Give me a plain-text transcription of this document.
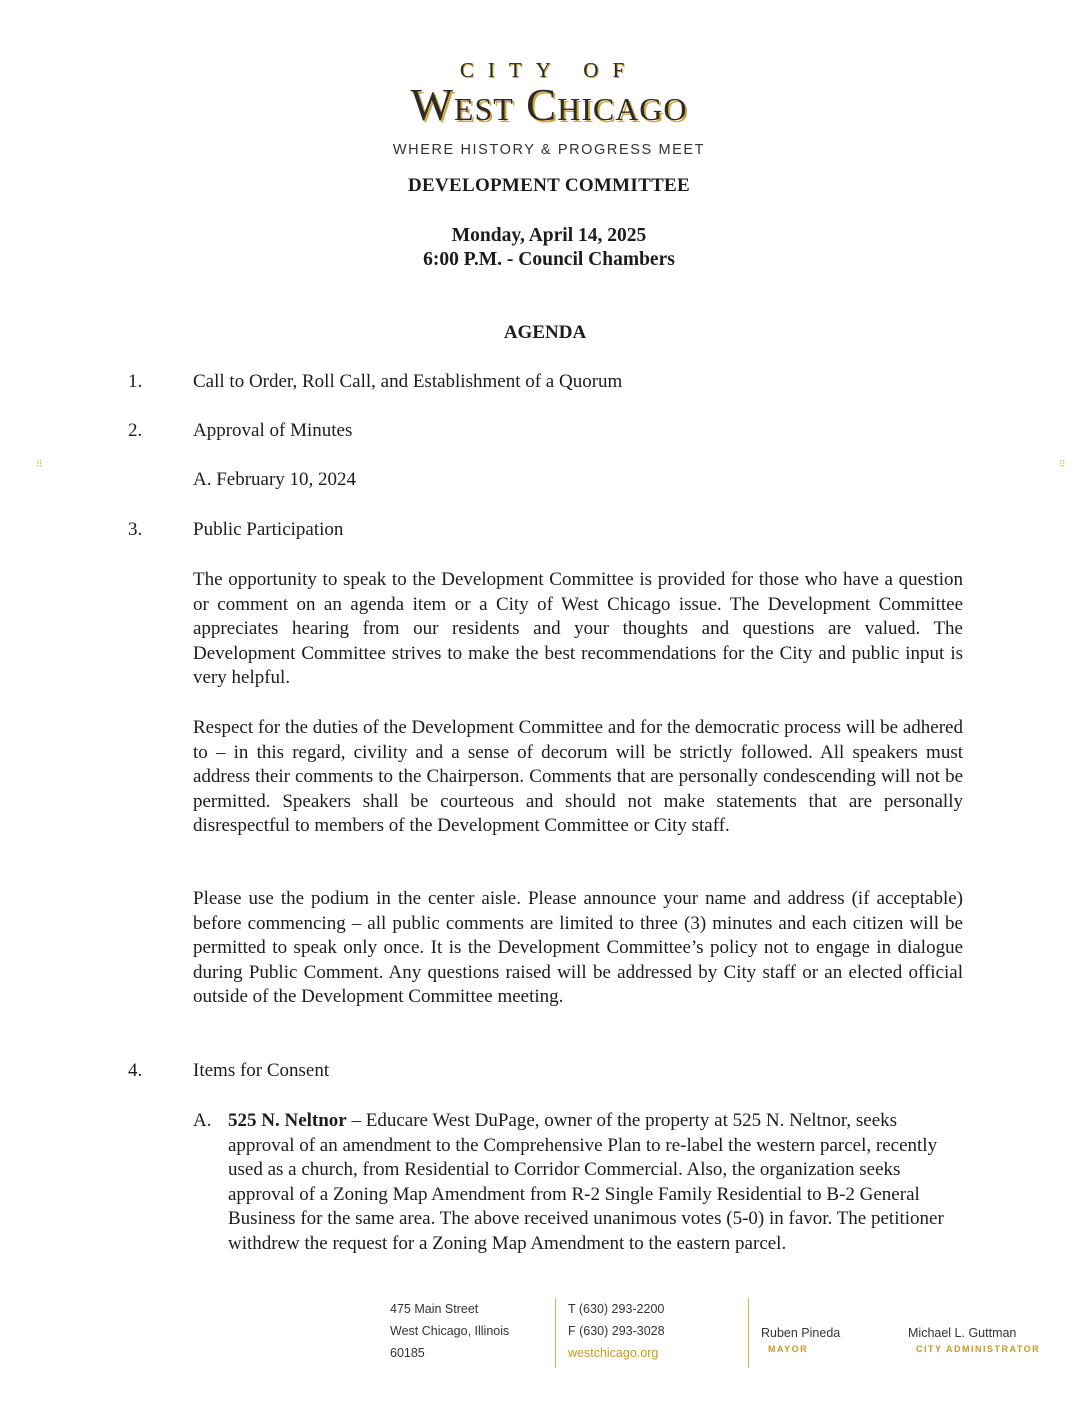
CITY OF
West Chicago
WHERE HISTORY & PROGRESS MEET
DEVELOPMENT COMMITTEE
Monday, April 14, 2025
6:00 P.M. - Council Chambers
AGENDA
1.	Call to Order, Roll Call, and Establishment of a Quorum
2.	Approval of Minutes
A. February 10, 2024
3.	Public Participation

The opportunity to speak to the Development Committee is provided for those who have a question or comment on an agenda item or a City of West Chicago issue. The Development Committee appreciates hearing from our residents and your thoughts and questions are valued. The Development Committee strives to make the best recommendations for the City and public input is very helpful.

Respect for the duties of the Development Committee and for the democratic process will be adhered to – in this regard, civility and a sense of decorum will be strictly followed. All speakers must address their comments to the Chairperson. Comments that are personally condescending will not be permitted. Speakers shall be courteous and should not make statements that are personally disrespectful to members of the Development Committee or City staff.

Please use the podium in the center aisle. Please announce your name and address (if acceptable) before commencing – all public comments are limited to three (3) minutes and each citizen will be permitted to speak only once. It is the Development Committee’s policy not to engage in dialogue during Public Comment. Any questions raised will be addressed by City staff or an elected official outside of the Development Committee meeting.

4.	Items for Consent
A. 525 N. Neltnor – Educare West DuPage, owner of the property at 525 N. Neltnor, seeks approval of an amendment to the Comprehensive Plan to re-label the western parcel, recently used as a church, from Residential to Corridor Commercial. Also, the organization seeks approval of a Zoning Map Amendment from R-2 Single Family Residential to B-2 General Business for the same area. The above received unanimous votes (5-0) in favor. The petitioner withdrew the request for a Zoning Map Amendment to the eastern parcel.
⠿	⠿
475 Main Street
West Chicago, Illinois
60185
T (630) 293-2200
F (630) 293-3028
westchicago.org
Ruben Pineda
MAYOR
Michael L. Guttman
CITY ADMINISTRATOR
